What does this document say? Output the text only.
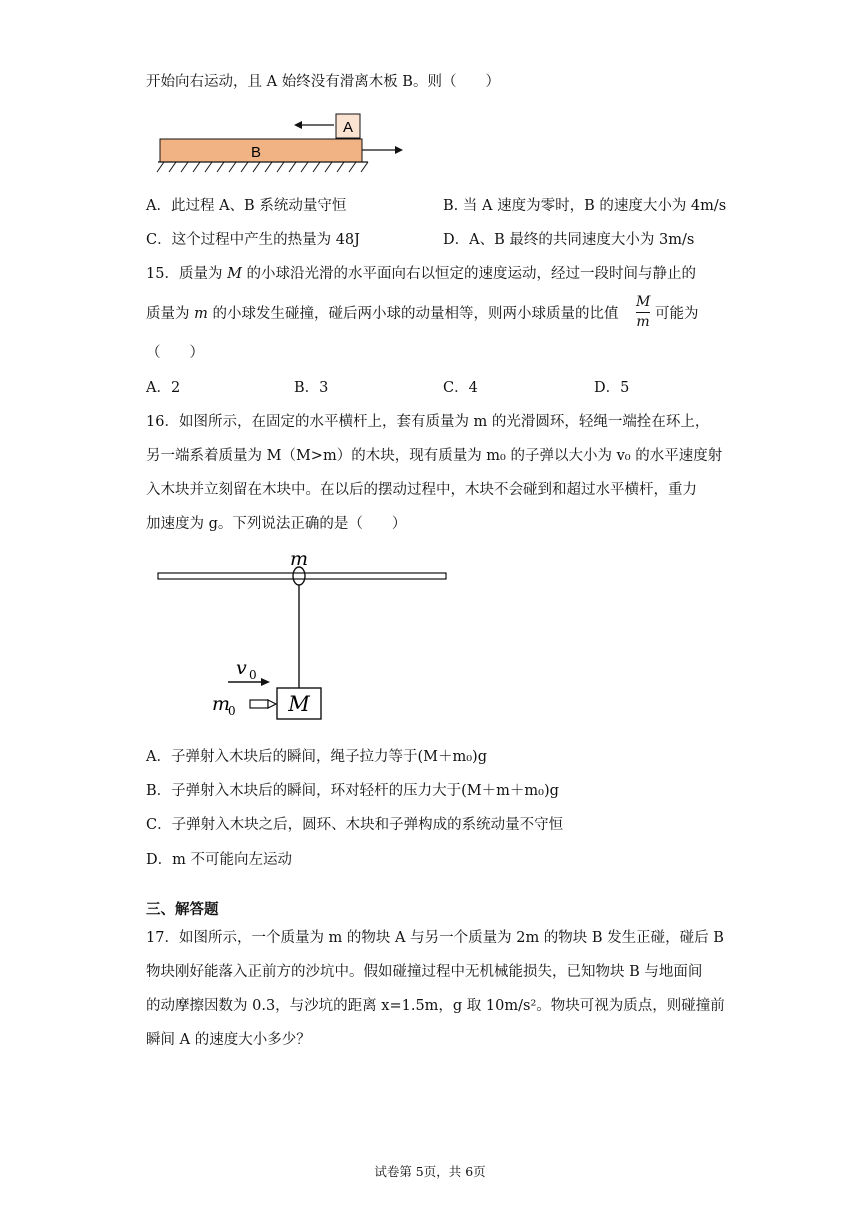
开始向右运动，且 A 始终没有滑离木板 B。则（　　）
A
B
A．此过程 A、B 系统动量守恒	B. 当 A 速度为零时，B 的速度大小为 4m/s
C．这个过程中产生的热量为 48J	D．A、B 最终的共同速度大小为 3m/s
15．质量为 M 的小球沿光滑的水平面向右以恒定的速度运动，经过一段时间与静止的
质量为 m 的小球发生碰撞，碰后两小球的动量相等，则两小球质量的比值
M
m 可能为
（　　）
A．2	B．3	C．4	D．5
16．如图所示，在固定的水平横杆上，套有质量为 m 的光滑圆环，轻绳一端拴在环上，
另一端系着质量为 M（M>m）的木块，现有质量为 m₀ 的子弹以大小为 v₀ 的水平速度射
入木块并立刻留在木块中。在以后的摆动过程中，木块不会碰到和超过水平横杆，重力
加速度为 g。下列说法正确的是（　　）
m
v 0
m
0	M
A．子弹射入木块后的瞬间，绳子拉力等于(M＋m₀)g
B．子弹射入木块后的瞬间，环对轻杆的压力大于(M＋m＋m₀)g
C．子弹射入木块之后，圆环、木块和子弹构成的系统动量不守恒
D．m 不可能向左运动
三、解答题
17．如图所示，一个质量为 m 的物块 A 与另一个质量为 2m 的物块 B 发生正碰，碰后 B
物块刚好能落入正前方的沙坑中。假如碰撞过程中无机械能损失，已知物块 B 与地面间
的动摩擦因数为 0.3，与沙坑的距离 x=1.5m，g 取 10m/s²。物块可视为质点，则碰撞前
瞬间 A 的速度大小多少？
试卷第 5页，共 6页
